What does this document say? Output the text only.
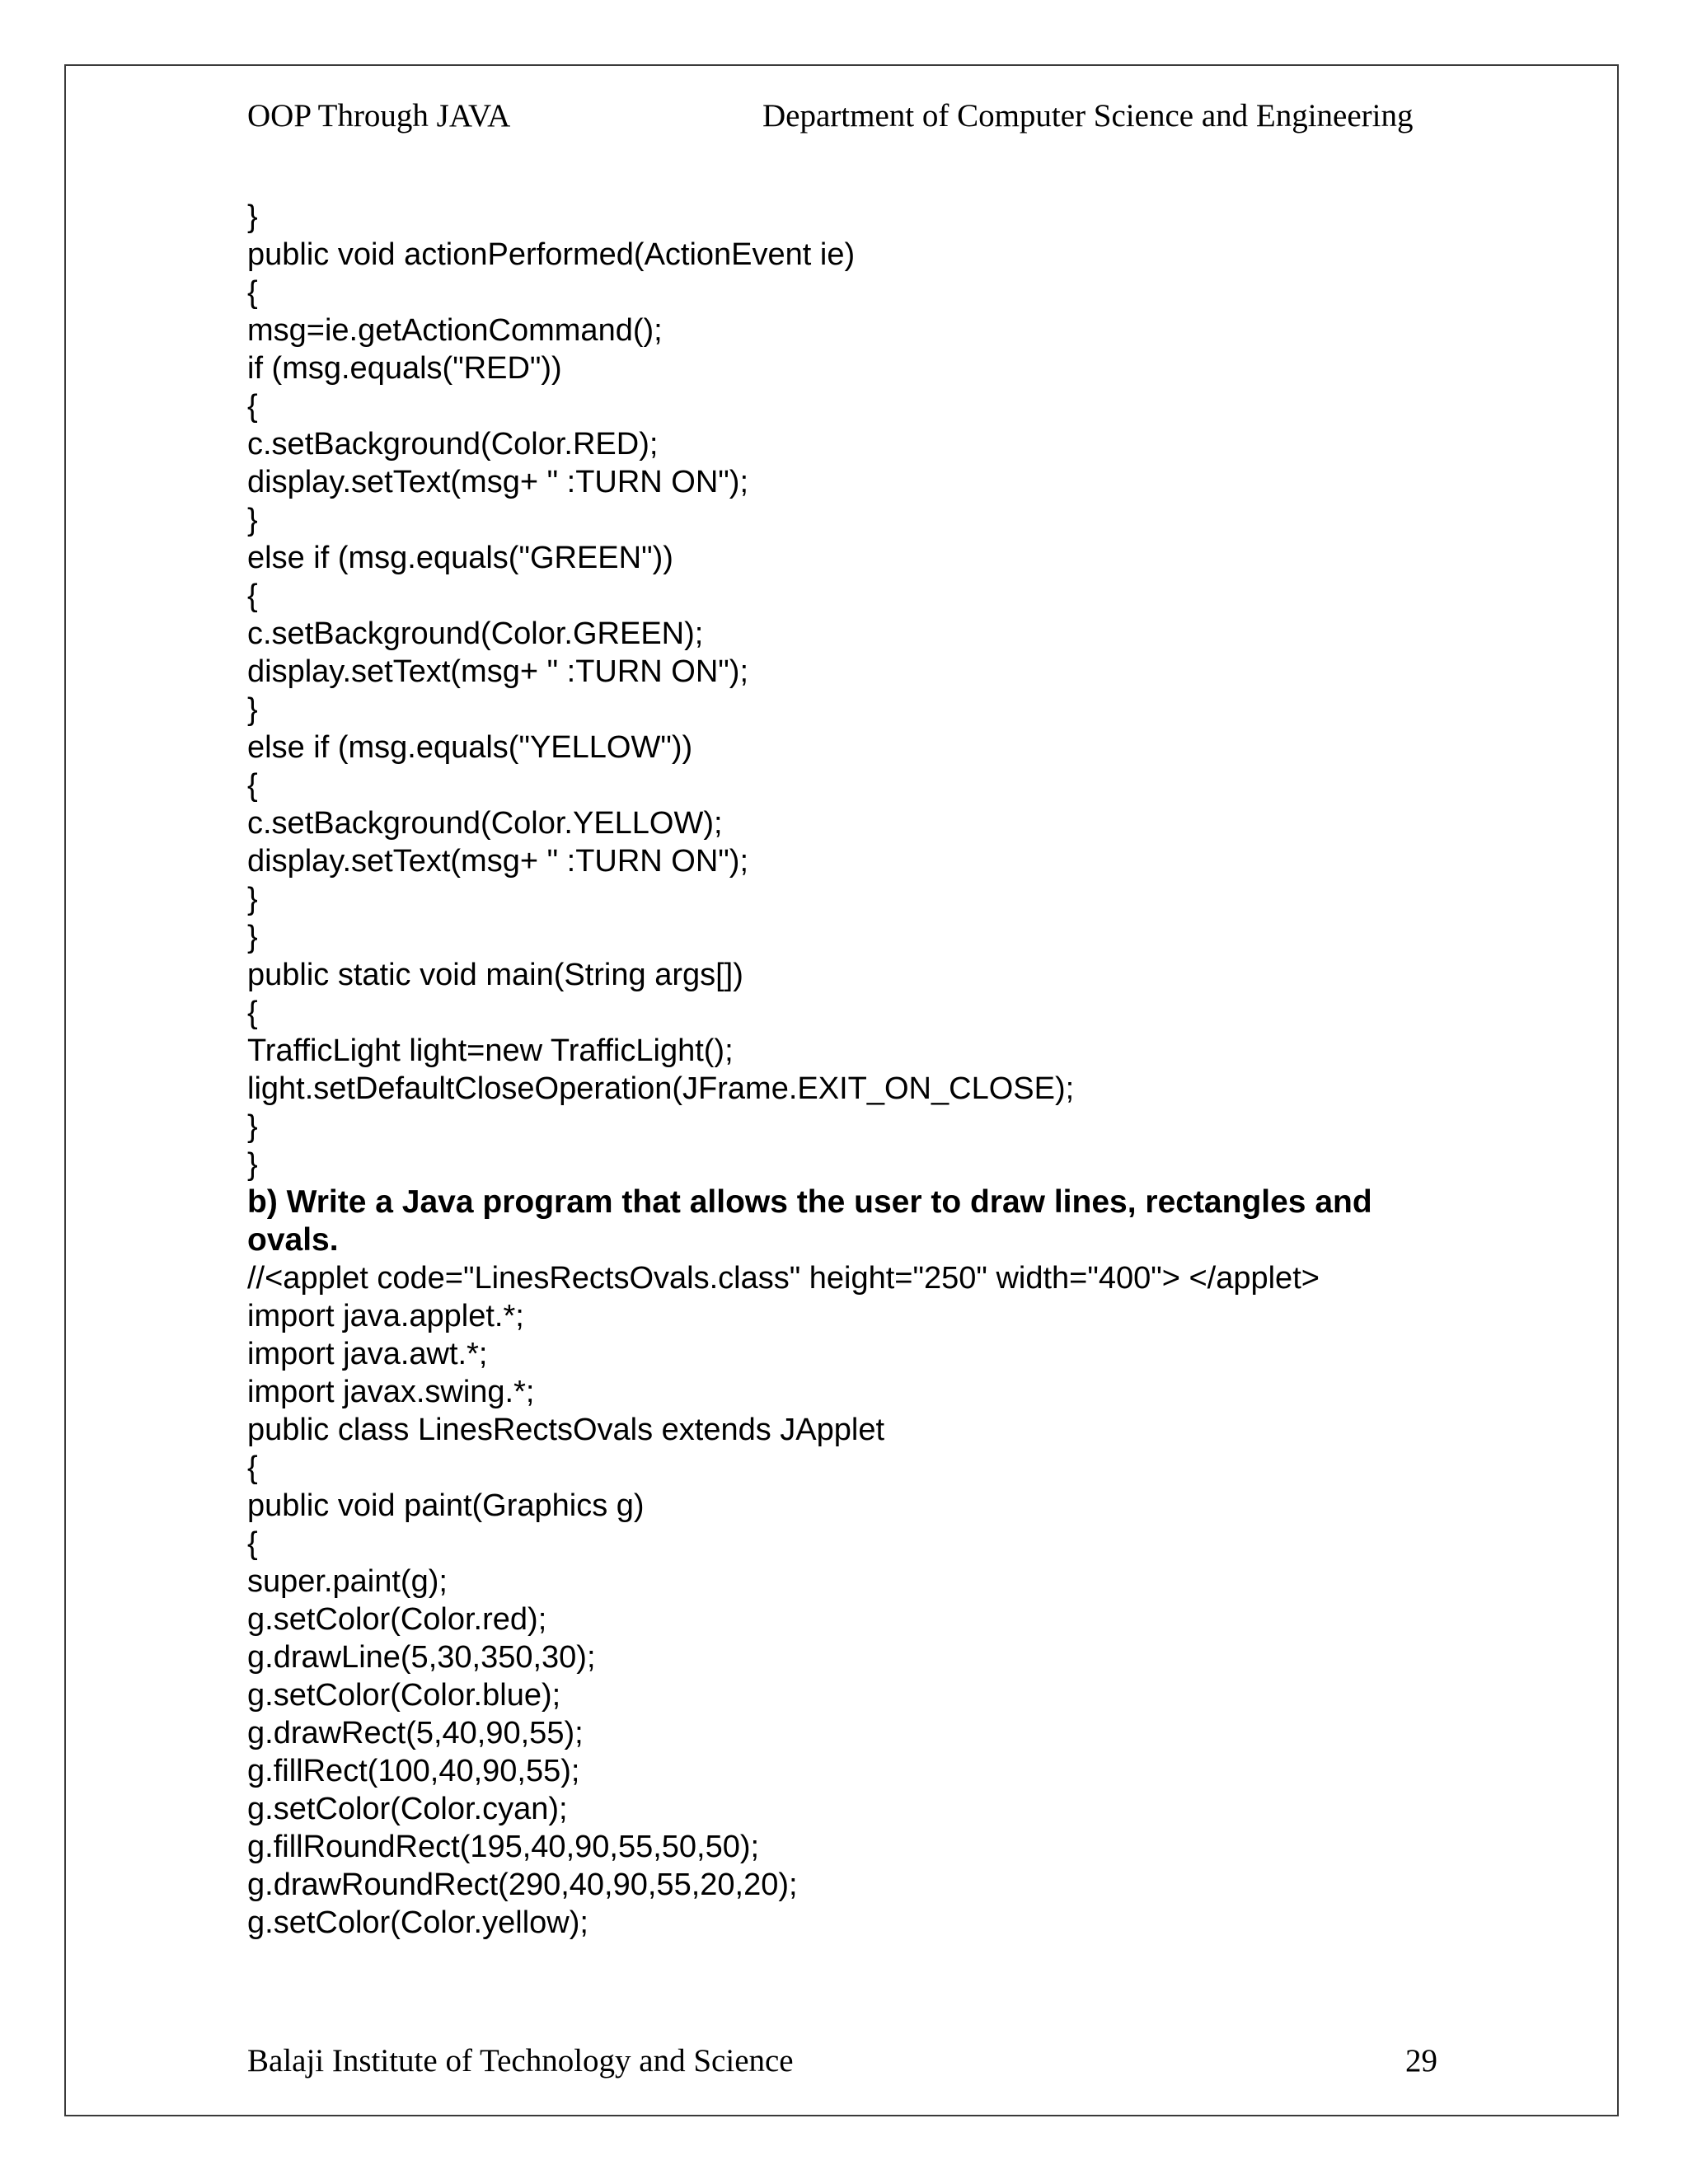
OOP Through JAVA	Department of Computer Science and Engineering
}
public void actionPerformed(ActionEvent ie)
{
msg=ie.getActionCommand();
if (msg.equals("RED"))
{
c.setBackground(Color.RED);
display.setText(msg+ " :TURN ON");
}
else if (msg.equals("GREEN"))
{
c.setBackground(Color.GREEN);
display.setText(msg+ " :TURN ON");
}
else if (msg.equals("YELLOW"))
{
c.setBackground(Color.YELLOW);
display.setText(msg+ " :TURN ON");
}
}
public static void main(String args[])
{
TrafficLight light=new TrafficLight();
light.setDefaultCloseOperation(JFrame.EXIT_ON_CLOSE);
}
}
b) Write a Java program that allows the user to draw lines, rectangles and
ovals.
//<applet code="LinesRectsOvals.class" height="250" width="400"> </applet>
import java.applet.*;
import java.awt.*;
import javax.swing.*;
public class LinesRectsOvals extends JApplet
{
public void paint(Graphics g)
{
super.paint(g);
g.setColor(Color.red);
g.drawLine(5,30,350,30);
g.setColor(Color.blue);
g.drawRect(5,40,90,55);
g.fillRect(100,40,90,55);
g.setColor(Color.cyan);
g.fillRoundRect(195,40,90,55,50,50);
g.drawRoundRect(290,40,90,55,20,20);
g.setColor(Color.yellow);
Balaji Institute of Technology and Science	29
